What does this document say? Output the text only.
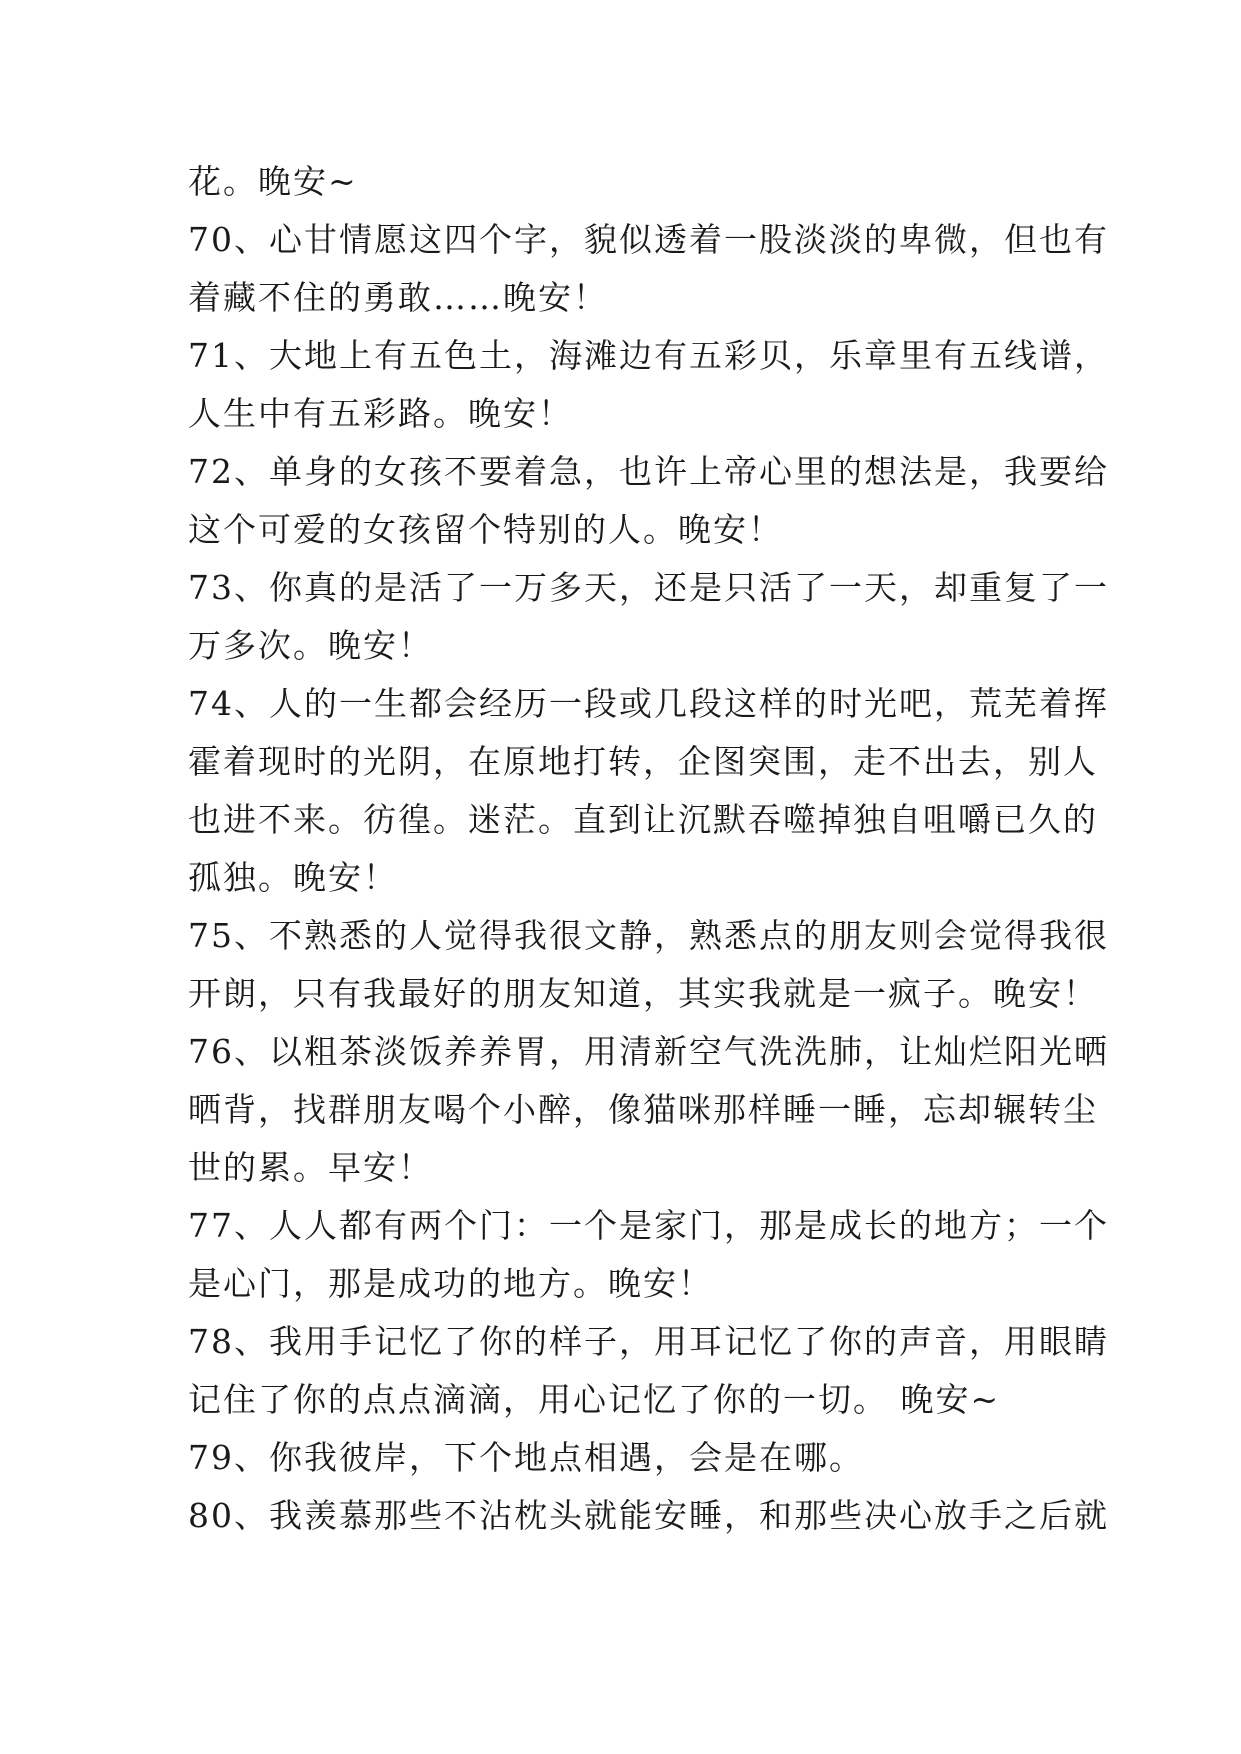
花。晚安~
70、心甘情愿这四个字，貌似透着一股淡淡的卑微，但也有
着藏不住的勇敢……晚安！
71、大地上有五色土，海滩边有五彩贝，乐章里有五线谱，
人生中有五彩路。晚安！
72、单身的女孩不要着急，也许上帝心里的想法是，我要给
这个可爱的女孩留个特别的人。晚安！
73、你真的是活了一万多天，还是只活了一天，却重复了一
万多次。晚安！
74、人的一生都会经历一段或几段这样的时光吧，荒芜着挥
霍着现时的光阴，在原地打转，企图突围，走不出去，别人
也进不来。彷徨。迷茫。直到让沉默吞噬掉独自咀嚼已久的
孤独。晚安！
75、不熟悉的人觉得我很文静，熟悉点的朋友则会觉得我很
开朗，只有我最好的朋友知道，其实我就是一疯子。晚安！
76、以粗茶淡饭养养胃，用清新空气洗洗肺，让灿烂阳光晒
晒背，找群朋友喝个小醉，像猫咪那样睡一睡，忘却辗转尘
世的累。早安！
77、人人都有两个门：一个是家门，那是成长的地方；一个
是心门，那是成功的地方。晚安！
78、我用手记忆了你的样子，用耳记忆了你的声音，用眼睛
记住了你的点点滴滴，用心记忆了你的一切。 晚安~
79、你我彼岸，下个地点相遇，会是在哪。
80、我羡慕那些不沾枕头就能安睡，和那些决心放手之后就
